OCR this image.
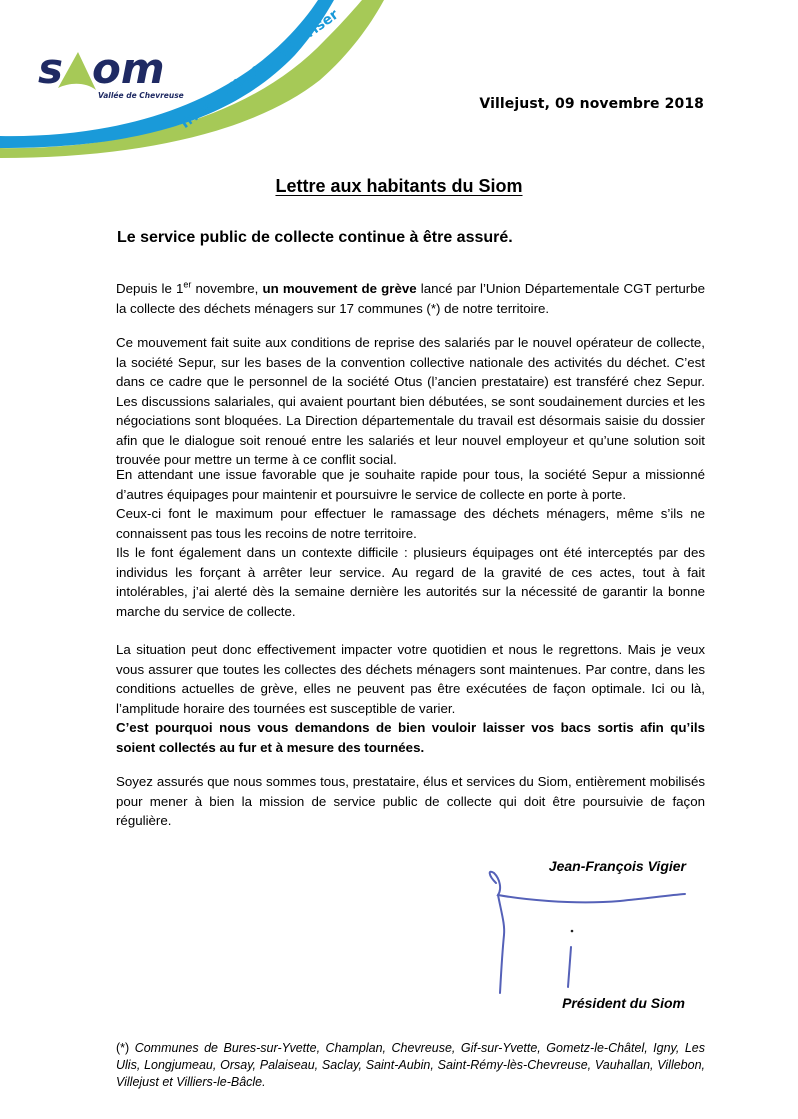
s om
Vallée de Chevreuse
Trier, Collecter, Valoriser	Villejust, 09 novembre 2018
Lettre aux habitants du Siom
Le service public de collecte continue à être assuré.

Depuis le 1er novembre, un mouvement de grève lancé par l’Union Départementale CGT perturbe la collecte des déchets ménagers sur 17 communes (*) de notre territoire.

Ce mouvement fait suite aux conditions de reprise des salariés par le nouvel opérateur de collecte, la société Sepur, sur les bases de la convention collective nationale des activités du déchet. C’est dans ce cadre que le personnel de la société Otus (l’ancien prestataire) est transféré chez Sepur. Les discussions salariales, qui avaient pourtant bien débutées, se sont soudainement durcies et les négociations sont bloquées. La Direction départementale du travail est désormais saisie du dossier afin que le dialogue soit renoué entre les salariés et leur nouvel employeur et qu’une solution soit trouvée pour mettre un terme à ce conflit social.

En attendant une issue favorable que je souhaite rapide pour tous, la société Sepur a missionné d’autres équipages pour maintenir et poursuivre le service de collecte en porte à porte.

Ceux-ci font le maximum pour effectuer le ramassage des déchets ménagers, même s’ils ne connaissent pas tous les recoins de notre territoire.

Ils le font également dans un contexte difficile : plusieurs équipages ont été interceptés par des individus les forçant à arrêter leur service. Au regard de la gravité de ces actes, tout à fait intolérables, j’ai alerté dès la semaine dernière les autorités sur la nécessité de garantir la bonne marche du service de collecte.

La situation peut donc effectivement impacter votre quotidien et nous le regrettons. Mais je veux vous assurer que toutes les collectes des déchets ménagers sont maintenues. Par contre, dans les conditions actuelles de grève, elles ne peuvent pas être exécutées de façon optimale. Ici ou là, l’amplitude horaire des tournées est susceptible de varier.

C’est pourquoi nous vous demandons de bien vouloir laisser vos bacs sortis afin qu’ils soient collectés au fur et à mesure des tournées.

Soyez assurés que nous sommes tous, prestataire, élus et services du Siom, entièrement mobilisés pour mener à bien la mission de service public de collecte qui doit être poursuivie de façon régulière.

Jean-François Vigier
Président du Siom
(*) Communes de Bures-sur-Yvette, Champlan, Chevreuse, Gif-sur-Yvette, Gometz-le-Châtel, Igny, Les Ulis, Longjumeau, Orsay, Palaiseau, Saclay, Saint-Aubin, Saint-Rémy-lès-Chevreuse, Vauhallan, Villebon, Villejust et Villiers-le-Bâcle.
